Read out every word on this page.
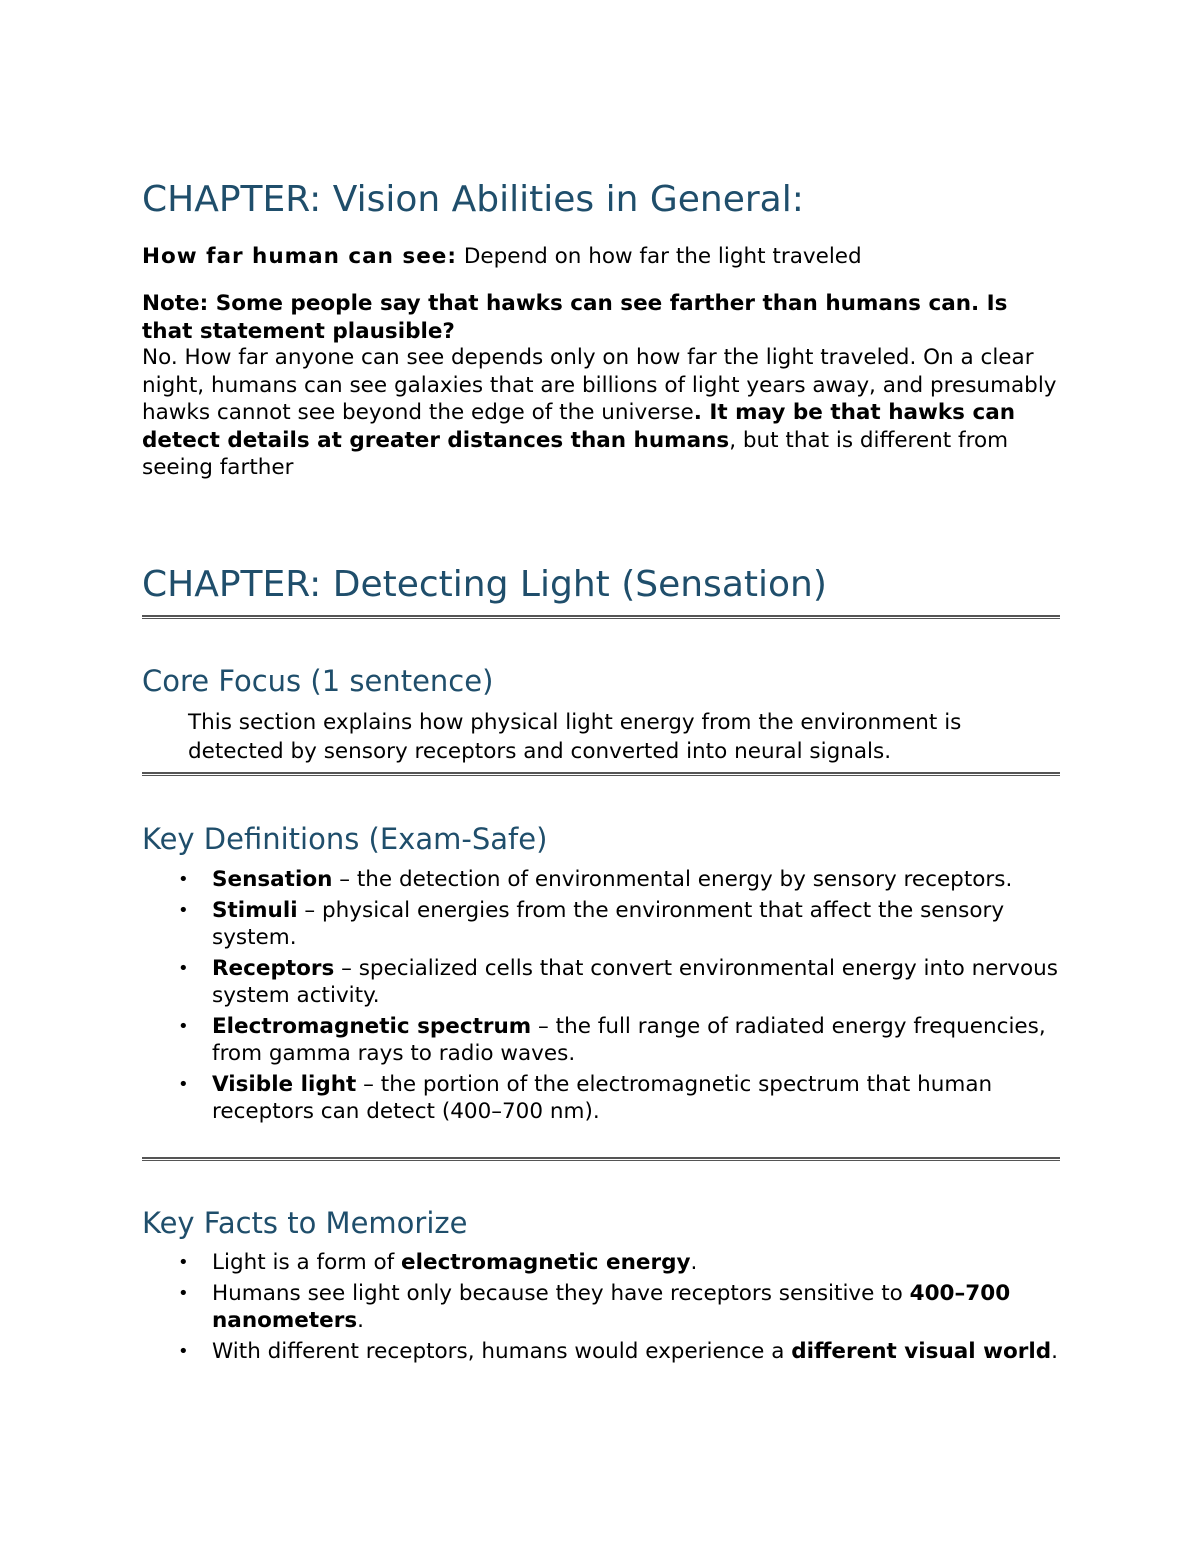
CHAPTER: Vision Abilities in General:

How far human can see: Depend on how far the light traveled

Note: Some people say that hawks can see farther than humans can. Is that statement plausible?

No. How far anyone can see depends only on how far the light traveled. On a clear night, humans can see galaxies that are billions of light years away, and presumably hawks cannot see beyond the edge of the universe. It may be that hawks can detect details at greater distances than humans, but that is different from seeing farther

CHAPTER: Detecting Light (Sensation)
Core Focus (1 sentence)

This section explains how physical light energy from the environment is detected by sensory receptors and converted into neural signals.

Key Definitions (Exam-Safe)
• Sensation – the detection of environmental energy by sensory receptors.
• Stimuli – physical energies from the environment that affect the sensory system.
• Receptors – specialized cells that convert environmental energy into nervous system activity.
• Electromagnetic spectrum – the full range of radiated energy frequencies, from gamma rays to radio waves.
• Visible light – the portion of the electromagnetic spectrum that human receptors can detect (400–700 nm).
Key Facts to Memorize
• Light is a form of electromagnetic energy.
• Humans see light only because they have receptors sensitive to 400–700 nanometers.
• With different receptors, humans would experience a different visual world.
